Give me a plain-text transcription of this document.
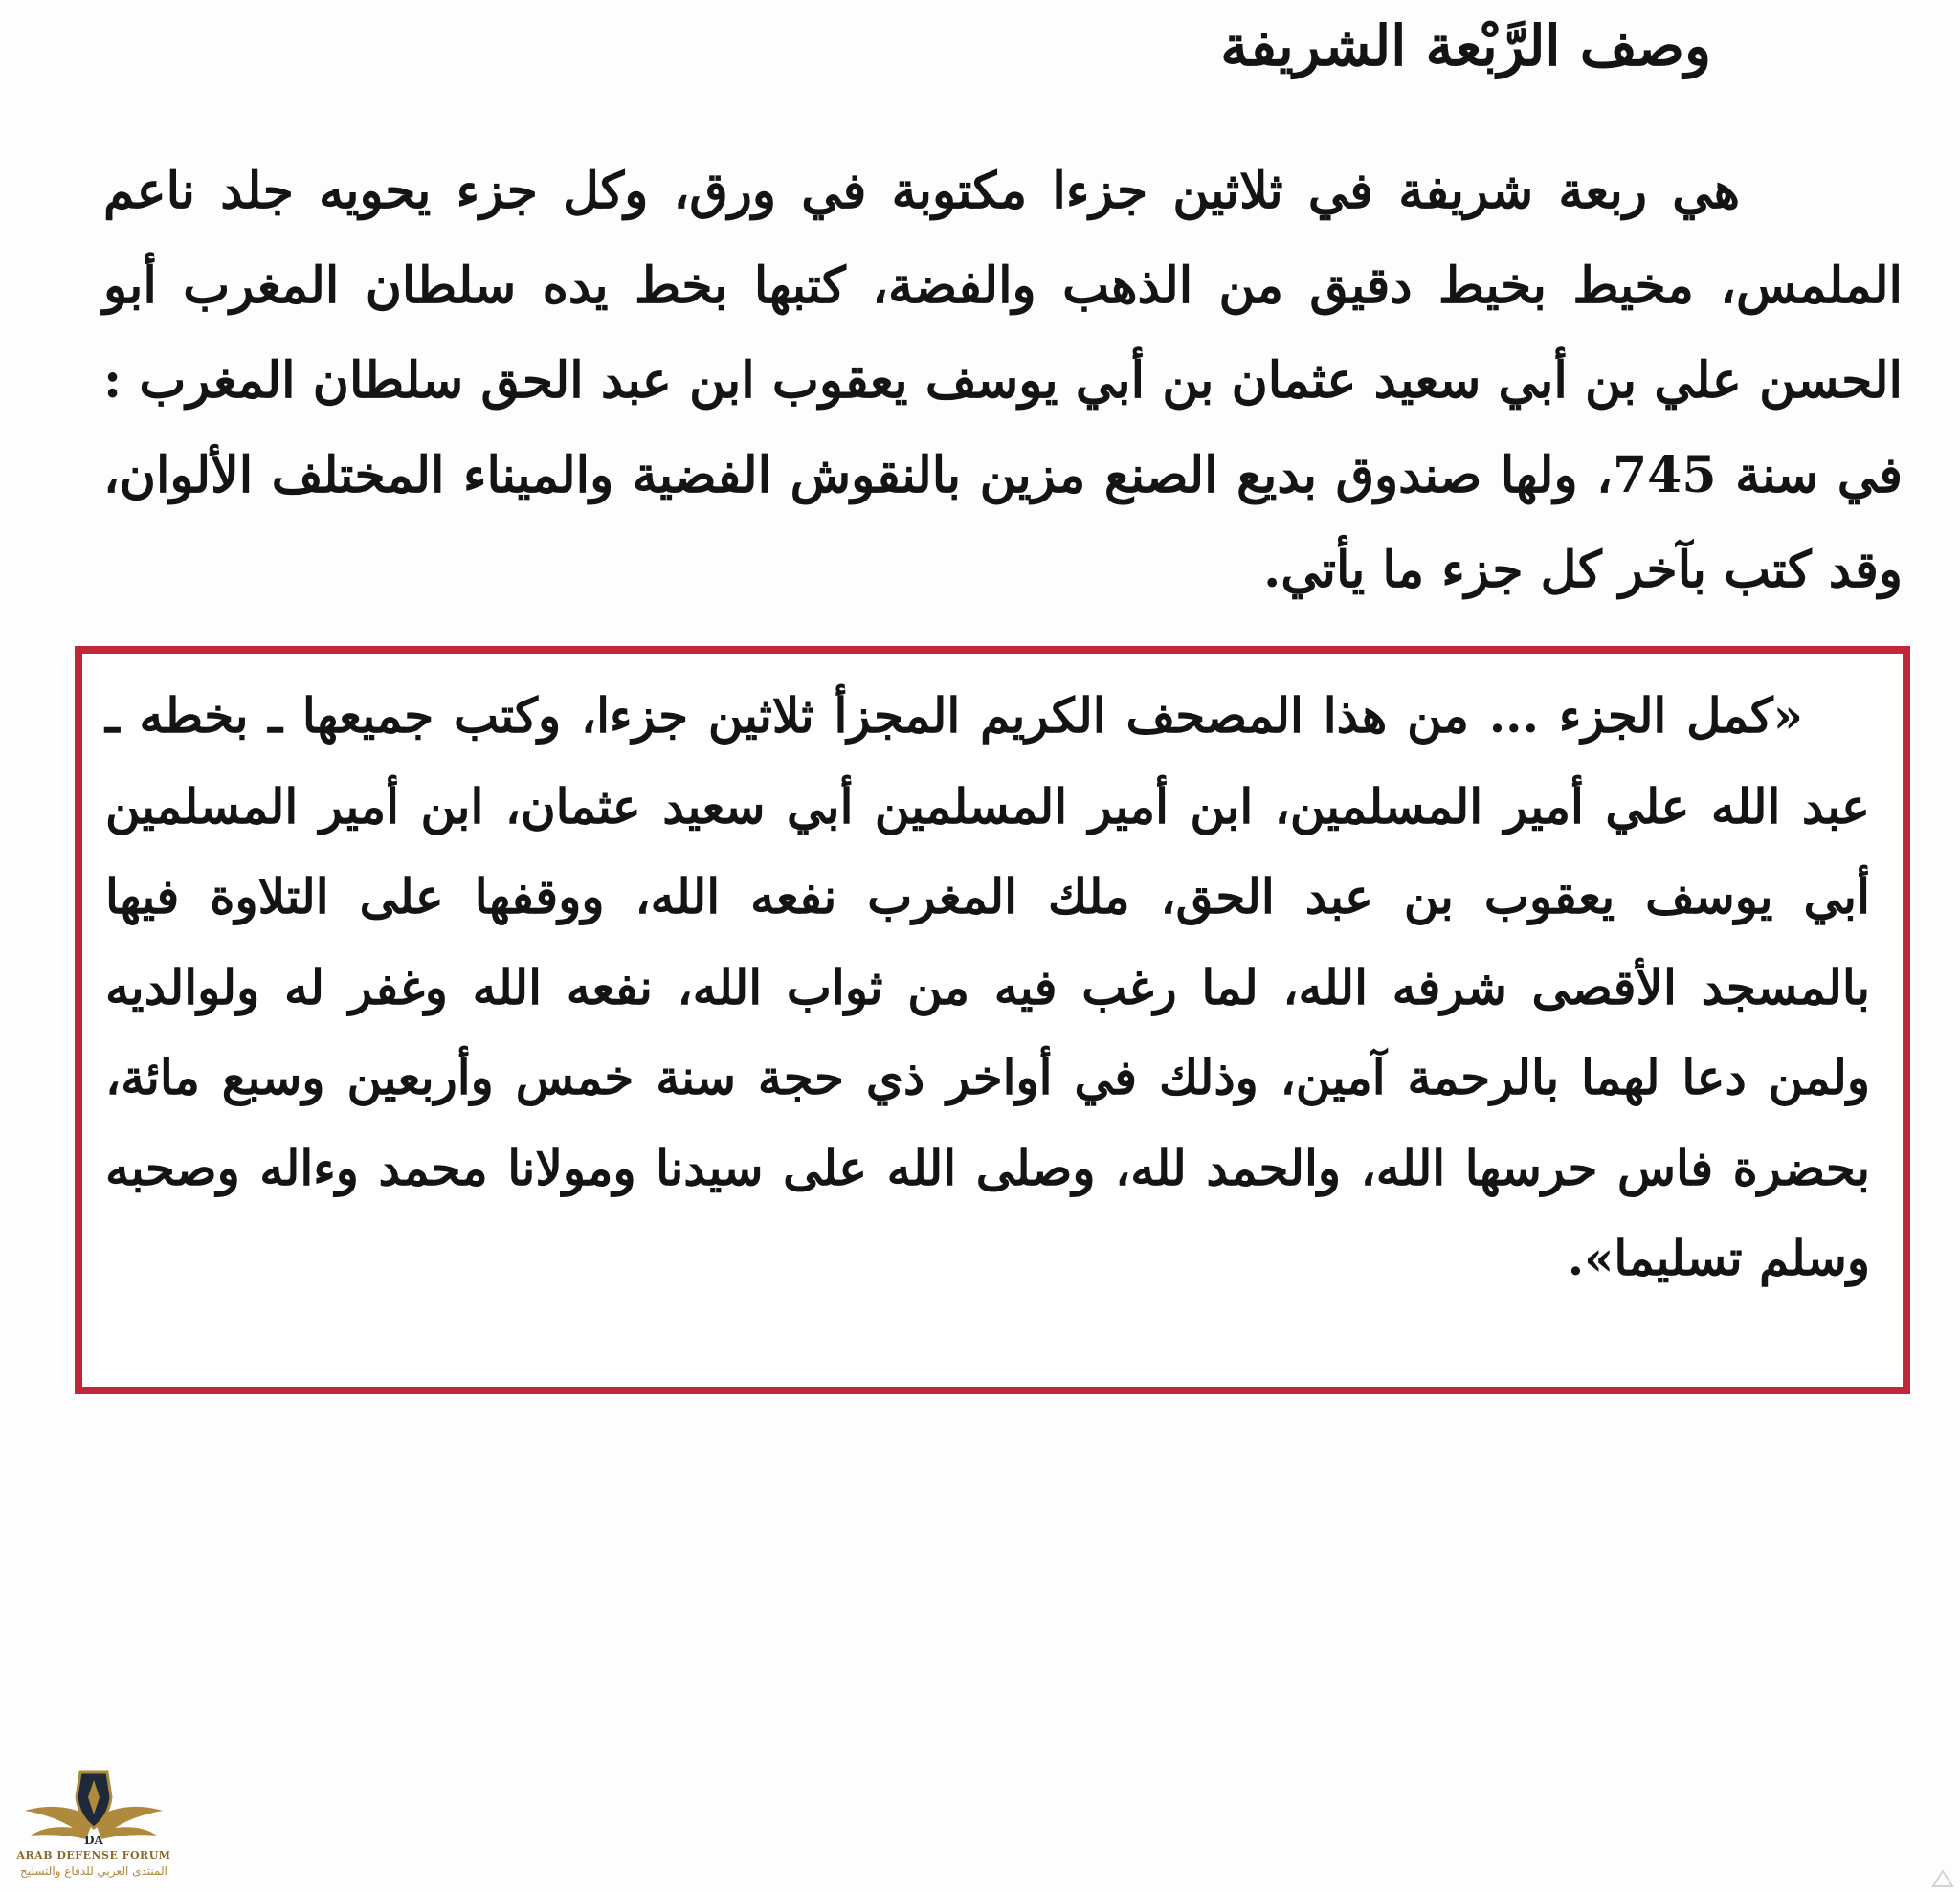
وصف الرَّبْعة الشريفة

هي ربعة شريفة في ثلاثين جزءا مكتوبة في ورق، وكل جزء يحويه جلد ناعم الملمس، مخيط بخيط دقيق من الذهب والفضة، كتبها بخط يده سلطان المغرب أبو الحسن علي بن أبي سعيد عثمان بن أبي يوسف يعقوب ابن عبد الحق سلطان المغرب : في سنة 745، ولها صندوق بديع الصنع مزين بالنقوش الفضية والميناء المختلف الألوان، وقد كتب بآخر كل جزء ما يأتي.

«كمل الجزء ... من هذا المصحف الكريم المجزأ ثلاثين جزءا، وكتب جميعها ـ بخطه ـ عبد الله علي أمير المسلمين، ابن أمير المسلمين أبي سعيد عثمان، ابن أمير المسلمين أبي يوسف يعقوب بن عبد الحق، ملك المغرب نفعه الله، ووقفها على التلاوة فيها بالمسجد الأقصى شرفه الله، لما رغب فيه من ثواب الله، نفعه الله وغفر له ولوالديه ولمن دعا لهما بالرحمة آمين، وذلك في أواخر ذي حجة سنة خمس وأربعين وسبع مائة، بحضرة فاس حرسها الله، والحمد لله، وصلى الله على سيدنا ومولانا محمد وءاله وصحبه وسلم تسليما».

DA
ARAB DEFENSE FORUM
المنتدى العربي للدفاع والتسليح
